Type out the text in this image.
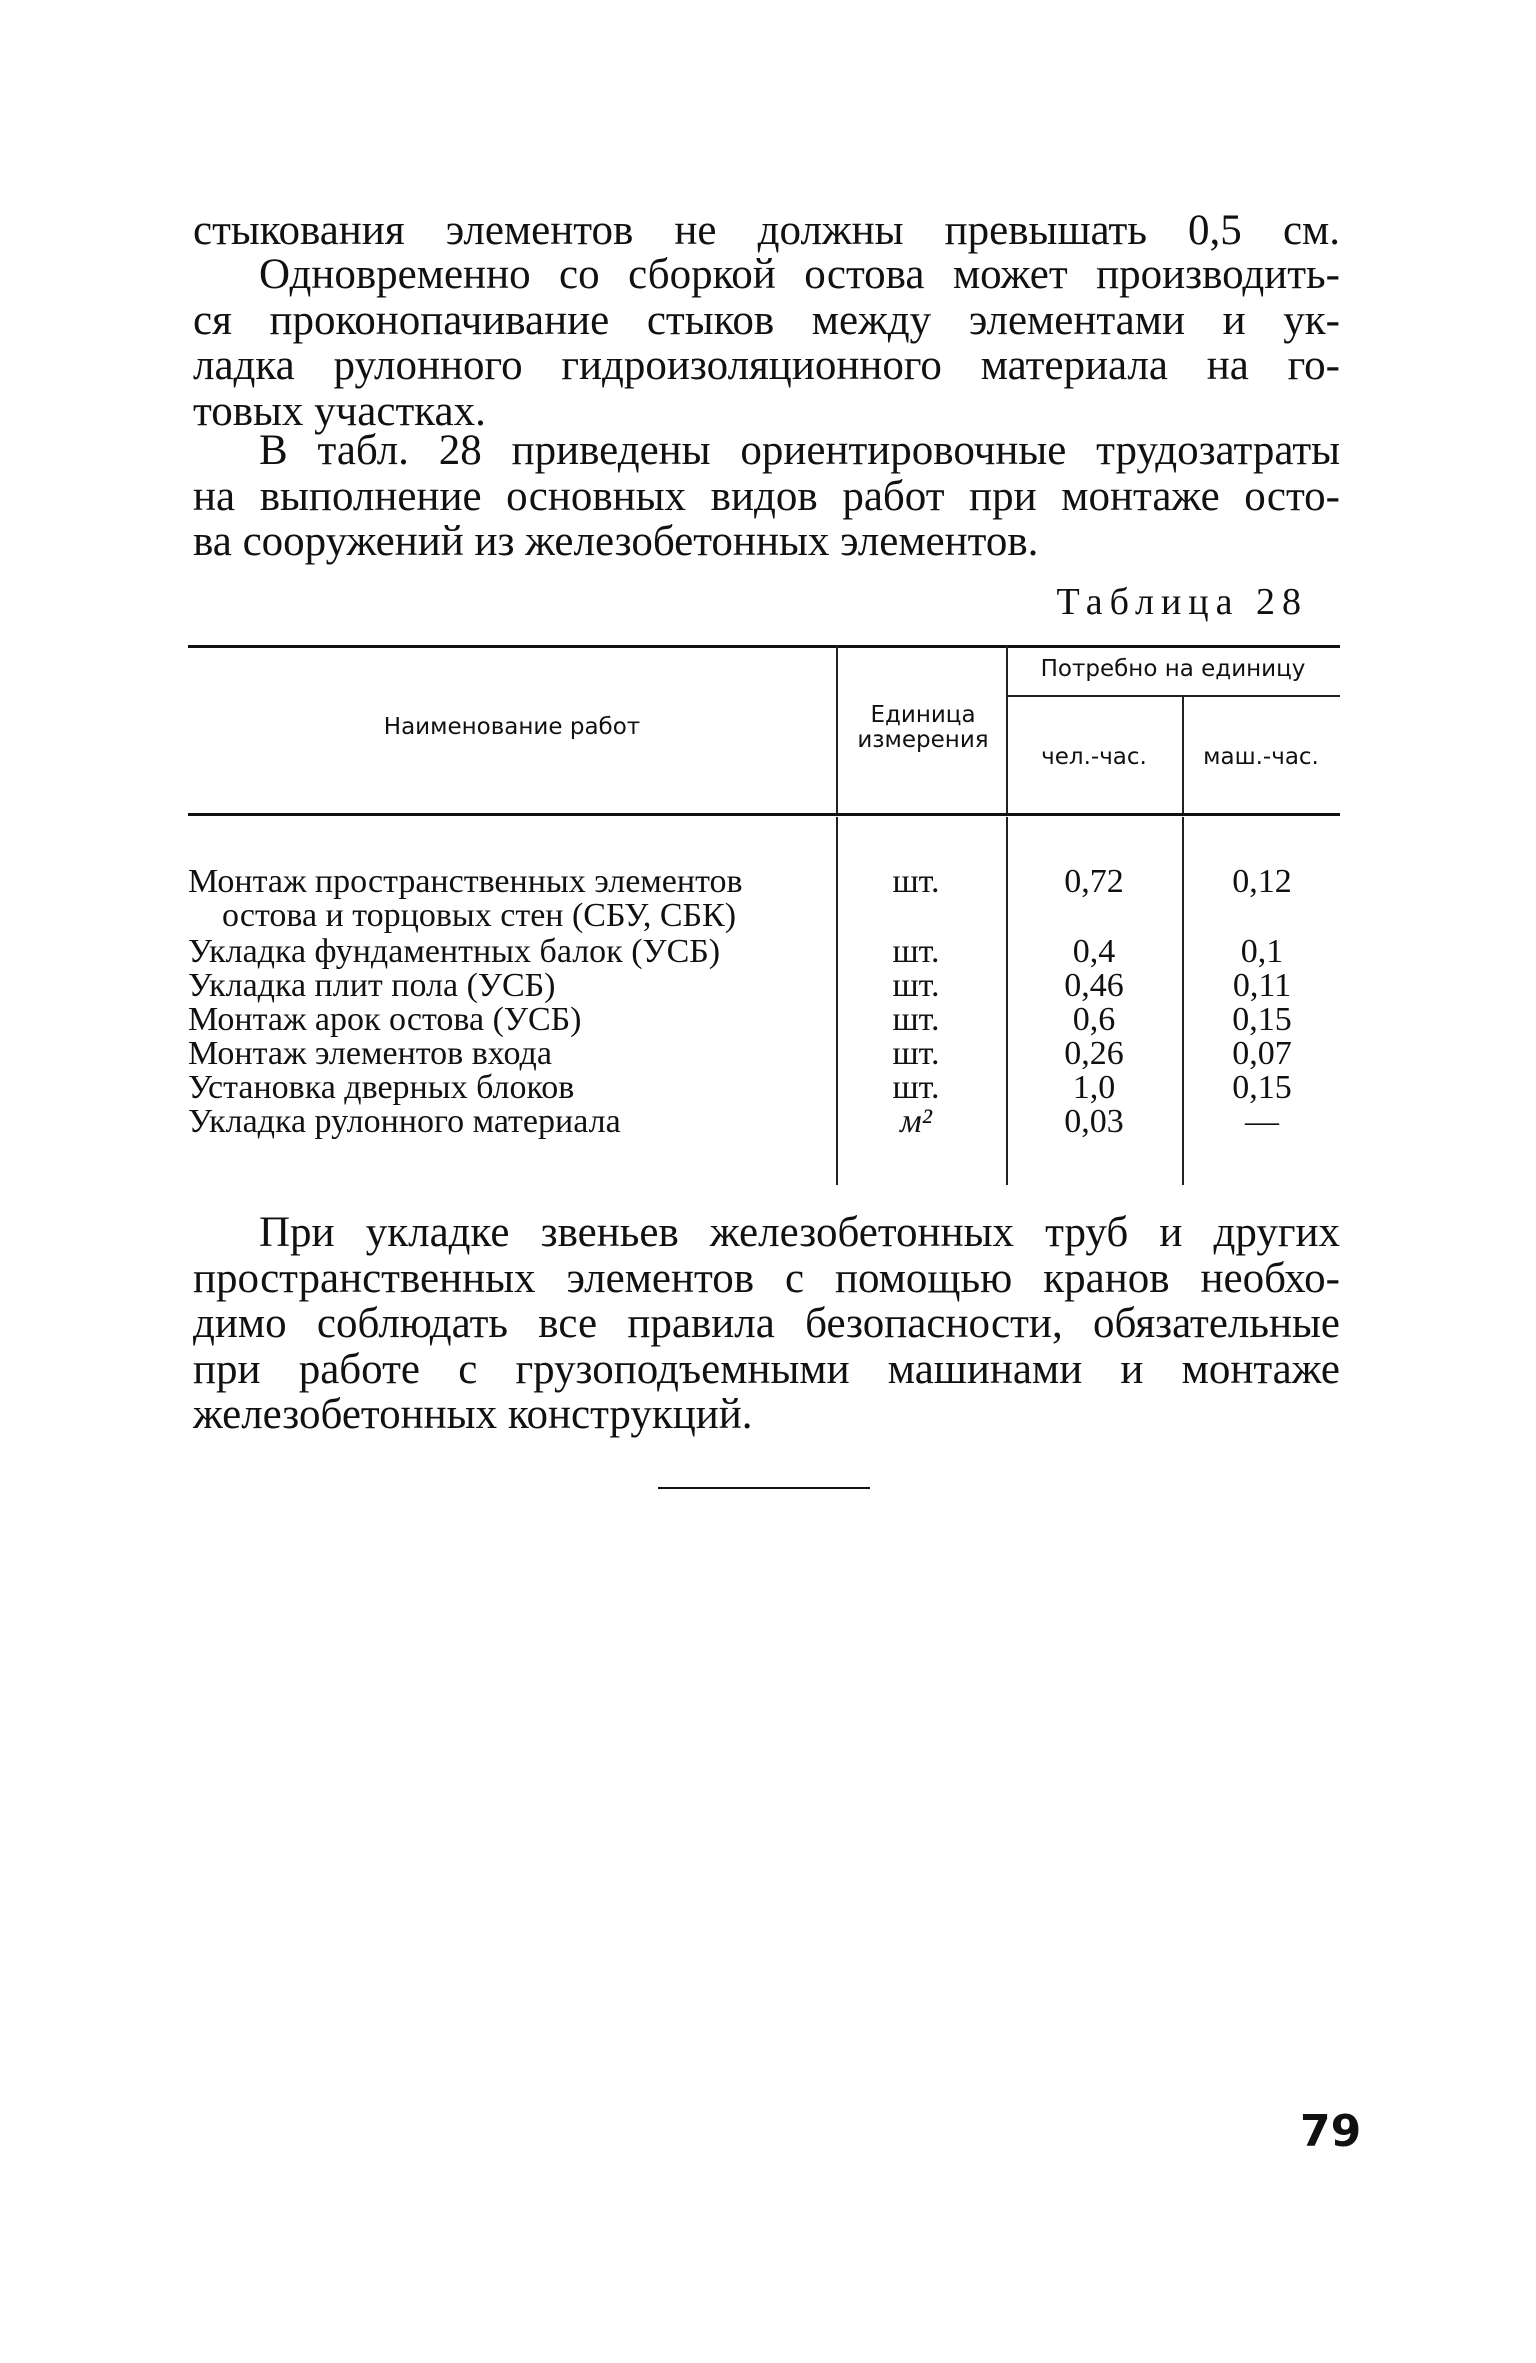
стыкования элементов не должны превышать 0,5 см.
Одновременно со сборкой остова может производить-
ся проконопачивание стыков между элементами и ук-
ладка рулонного гидроизоляционного материала на го-
товых участках.
В табл. 28 приведены ориентировочные трудозатраты
на выполнение основных видов работ при монтаже осто-
ва сооружений из железобетонных элементов.
Таблица 28
Наименование работ	Единица измерения
Потребно на единицу
чел.-час.	маш.-час.
Монтаж пространственных элементов
остова и торцовых стен (СБУ, СБК)
шт.	0,72	0,12
Укладка фундаментных балок (УСБ)	шт.	0,4	0,1
Укладка плит пола (УСБ)	шт.	0,46	0,11
Монтаж арок остова (УСБ)	шт.	0,6	0,15
Монтаж элементов входа	шт.	0,26	0,07
Установка дверных блоков	шт.	1,0	0,15
Укладка рулонного материала	м²	0,03	—
При укладке звеньев железобетонных труб и других
пространственных элементов с помощью кранов необхо-
димо соблюдать все правила безопасности, обязательные
при работе с грузоподъемными машинами и монтаже
железобетонных конструкций.
79
